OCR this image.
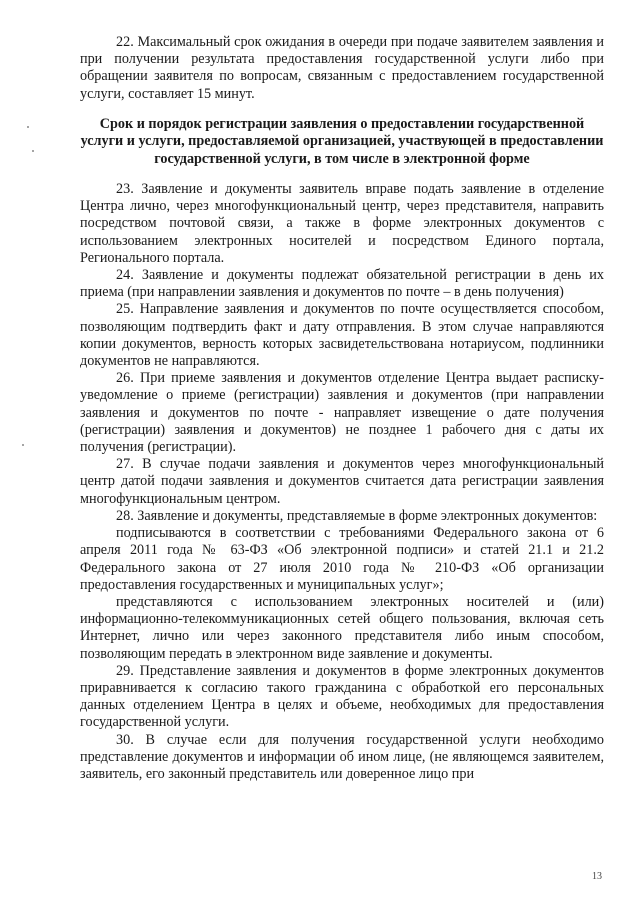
22. Максимальный срок ожидания в очереди при подаче заявителем заявления и при получении результата предоставления государственной услуги либо при обращении заявителя по вопросам, связанным с предоставлением государственной услуги, составляет 15 минут.

Срок и порядок регистрации заявления о предоставлении государственной услуги и услуги, предоставляемой организацией, участвующей в предоставлении государственной услуги, в том числе в электронной форме

23. Заявление и документы заявитель вправе подать заявление в отделение Центра лично, через многофункциональный центр, через представителя, направить посредством почтовой связи, а также в форме электронных документов с использованием электронных носителей и посредством Единого портала, Регионального портала.

24. Заявление и документы подлежат обязательной регистрации в день их приема (при направлении заявления и документов по почте – в день получения)

25. Направление заявления и документов по почте осуществляется способом, позволяющим подтвердить факт и дату отправления. В этом случае направляются копии документов, верность которых засвидетельствована нотариусом, подлинники документов не направляются.

26. При приеме заявления и документов отделение Центра выдает расписку-уведомление о приеме (регистрации) заявления и документов (при направлении заявления и документов по почте - направляет извещение о дате получения (регистрации) заявления и документов) не позднее 1 рабочего дня с даты их получения (регистрации).

27. В случае подачи заявления и документов через многофункциональный центр датой подачи заявления и документов считается дата регистрации заявления многофункциональным центром.

28. Заявление и документы, представляемые в форме электронных документов:

подписываются в соответствии с требованиями Федерального закона от 6 апреля 2011 года № 63-ФЗ «Об электронной подписи» и статей 21.1 и 21.2 Федерального закона от 27 июля 2010 года № 210-ФЗ «Об организации предоставления государственных и муниципальных услуг»;

представляются с использованием электронных носителей и (или) информационно-телекоммуникационных сетей общего пользования, включая сеть Интернет, лично или через законного представителя либо иным способом, позволяющим передать в электронном виде заявление и документы.

29. Представление заявления и документов в форме электронных документов приравнивается к согласию такого гражданина с обработкой его персональных данных отделением Центра в целях и объеме, необходимых для предоставления государственной услуги.

30. В случае если для получения государственной услуги необходимо представление документов и информации об ином лице, (не являющемся заявителем, заявитель, его законный представитель или доверенное лицо при

13
